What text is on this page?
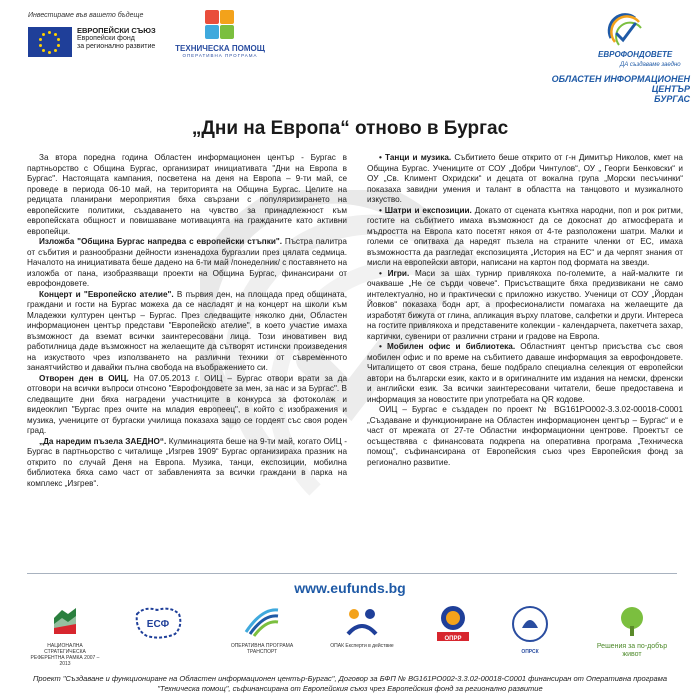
Инвестираме във вашето бъдеще
ЕВРОПЕЙСКИ СЪЮЗ
Европейски фонд
за регионално развитие	ТЕХНИЧЕСКА ПОМОЩ
ОПЕРАТИВНА ПРОГРАМА	ЕВРОФОНДОВЕТЕ
ДА създаваме заедно
ОБЛАСТЕН ИНФОРМАЦИОНЕН ЦЕНТЪР
БУРГАС
„Дни на Европа“ отново в Бургас

За втора поредна година Областен информационен център - Бургас в партньорство с Община Бургас, организират инициативата "Дни на Европа в Бургас". Настоящата кампания, посветена на деня на Европа – 9-ти май, се проведе в периода 06-10 май, на територията на Община Бургас. Целите на редицата планирани мероприятия бяха свързани с популяризирането на европейските политики, създаването на чувство за принадлежност към европейската общност и повишаване мотивацията на гражданите като активни европейци.

Изложба "Община Бургас напредва с европейски стъпки". Пъстра палитра от събития и разнообразни дейности изненадоха бургазлии през цялата седмица. Началото на инициативата беше дадено на 6-ти май /понеделник/ с поставянето на изложба от пана, изобразяващи проекти на Община Бургас, финансирани от еврофондовете.

Концерт и "Европейско ателие". В първия ден, на площада пред общината, граждани и гости на Бургас можеха да се насладят и на концерт на школи към Младежки културен център – Бургас. През следващите няколко дни, Областен информационен център представи "Европейско ателие", в което участие имаха възможност да вземат всички заинтересовани лица. Този иновативен вид работилница даде възможност на желаещите да сътворят истински произведения на изкуството чрез използването на различни техники от съвременното занаятчийство и давайки пълна свобода на въображението си.

Отворен ден в ОИЦ. На 07.05.2013 г. ОИЦ – Бургас отвори врати за да отговори на всички въпроси отнсоно "Еврофондовете за мен, за нас и за Бургас". В следващите дни бяха наградени участниците в конкурса за фотоколаж и видеоклип "Бургас през очите на младия европеец", в който с изображения и музика, учениците от бургаски училища показаха защо се гордеят със своя роден град.

„Да наредим пъзела ЗАЕДНО“. Кулминацията беше на 9-ти май, когато ОИЦ - Бургас в партньорство с читалище „Изгрев 1909“ Бургас организираха празник на открито по случай Деня на Европа. Музика, танци, експозиции, мобилна библиотека бяха само част от забавленията за всички граждани в парка на комплекс „Изгрев“.

• Танци и музика. Събитието беше открито от г-н Димитър Николов, кмет на Община Бургас. Учениците от СОУ „Добри Чинтулов“, ОУ „ Георги Бенковски“ и ОУ „Св. Климент Охридски“ и децата от вокална група „Морски песъчинки“ показаха завидни умения и талант в областта на танцовото и музикалното изкуство.

• Шатри и експозиции. Докато от сцената кънтяха народни, поп и рок ритми, гостите на събитието имаха възможност да се докоснат до атмосферата и мъдростта на Европа като посетят някоя от 4-те разположени шатри. Малки и големи се опитваха да наредят пъзела на страните членки от ЕС, имаха възможността да разгледат експозицията „История на ЕС“ и да черпят знания от мисли на европейски автори, написани на картон под формата на звезди.

• Игри. Маси за шах турнир привлякоха по-големите, а най-малките ги очакваше „Не се сърди човече“. Присъстващите бяха предизвикани не само интелектуално, но и практически с приложно изкуство. Ученици от СОУ „Йордан Йовков“ показаха бодн арт, а професионалисти помагаха на желаещите да изработят бижута от глина, апликация върху платове, салфетки и други. Интереса на гостите привлякоха и представените колекции - календарчета, пакетчета захар, картички, сувенири от различни страни и градове на Европа.

• Мобилен офис и библиотека. Областният център присъства със своя мобилен офис и по време на събитието даваше информация за еврофондовете. Читалището от своя страна, беше подбрало специална селекция от европейски автори на български език, както и в оригиналните им издания на немски, френски и английски език. За всички заинтересовани читатели, беше предоставена и информация за новостите при употребата на QR кодове.

ОИЦ – Бургас е създаден по проект № BG161PO002-3.3.02-00018-C0001 „Създаване и функциониране на Областен информационен център – Бургас“ и е част от мрежата от 27-те Областни информационни центрове. Проектът се осъществява с финансовата подкрепа на оперативна програма „Техническа помощ“, съфинансирана от Европейския съюз чрез Европейския фонд за регионално развитие.

www.eufunds.bg
НАЦИОНАЛНА СТРАТЕГИЧЕСКА РЕФЕРЕНТНА РАМКА 2007 – 2013
ЕСФ
ОПЕРАТИВНА ПРОГРАМА ТРАНСПОРТ
ОПАК Експерти в действие
ОПРР
ОПРСК
Решения за по-добър живот
Проект "Създаване и функциониране на Областен информационен център-Бургас", Договор за БФП № BG161PO002-3.3.02-00018-C0001 финансиран от Оперативна програма
"Техническа помощ", съфинансирана от Европейския съюз чрез Европейския фонд за регионално развитие
